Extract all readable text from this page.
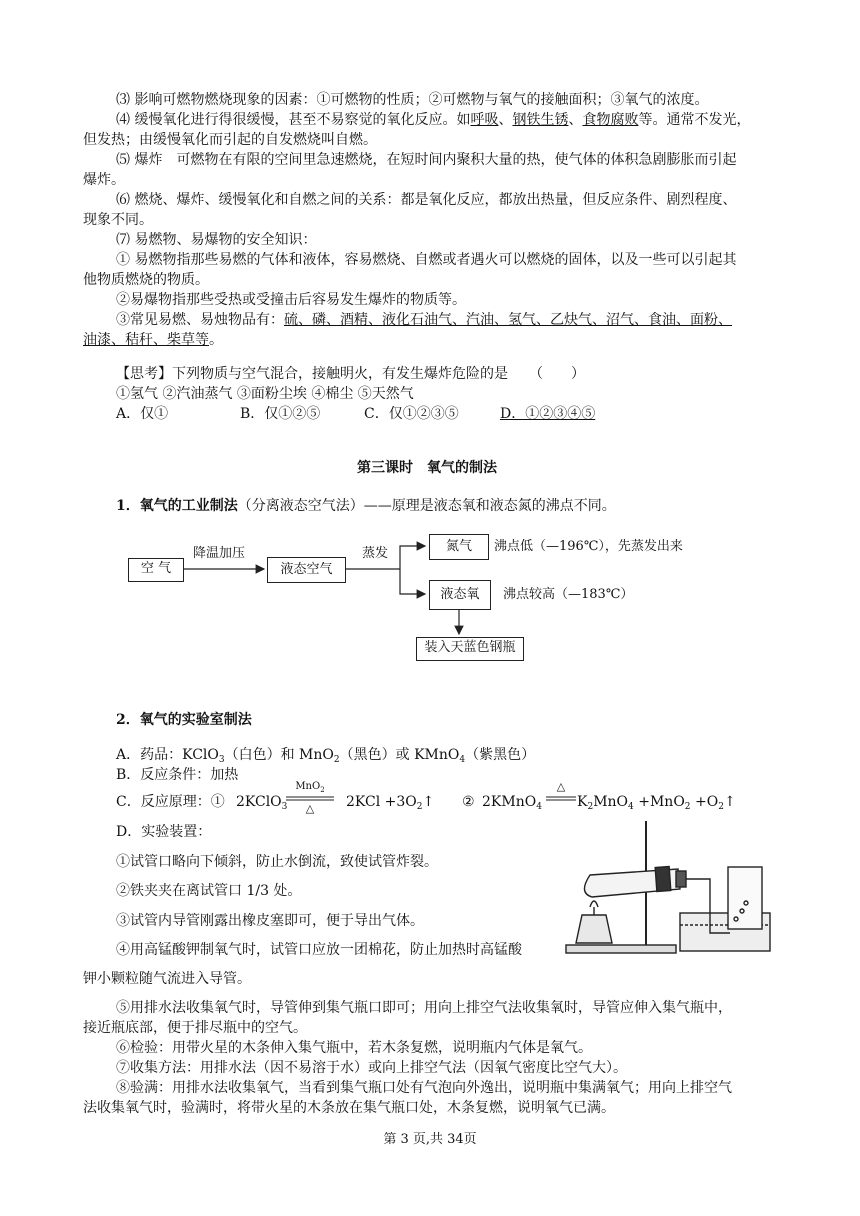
⑶ 影响可燃物燃烧现象的因素：①可燃物的性质；②可燃物与氧气的接触面积；③氧气的浓度。
⑷ 缓慢氧化进行得很缓慢，甚至不易察觉的氧化反应。如呼吸、钢铁生锈、食物腐败等。通常不发光，
但发热；由缓慢氧化而引起的自发燃烧叫自燃。
⑸ 爆炸　可燃物在有限的空间里急速燃烧，在短时间内聚积大量的热，使气体的体积急剧膨胀而引起
爆炸。
⑹ 燃烧、爆炸、缓慢氧化和自燃之间的关系：都是氧化反应，都放出热量，但反应条件、剧烈程度、
现象不同。
⑺ 易燃物、易爆物的安全知识：
① 易燃物指那些易燃的气体和液体，容易燃烧、自燃或者遇火可以燃烧的固体，以及一些可以引起其
他物质燃烧的物质。
②易爆物指那些受热或受撞击后容易发生爆炸的物质等。
③常见易燃、易烛物品有：硫、磷、酒精、液化石油气、汽油、氢气、乙炔气、沼气、食油、面粉、
油漆、秸秆、柴草等。
【思考】下列物质与空气混合，接触明火，有发生爆炸危险的是　　（　　）
①氢气 ②汽油蒸气 ③面粉尘埃 ④棉尘 ⑤天然气
A．仅①	B．仅①②⑤	C．仅①②③⑤	D．①②③④⑤
第三课时　氧气的制法
1．氧气的工业制法（分离液态空气法）——原理是液态氧和液态氮的沸点不同。
空 气
降温加压
液态空气
蒸发	氮气	沸点低（—196℃），先蒸发出来
液态氧	沸点较高（—183℃）
装入天蓝色钢瓶
2．氧气的实验室制法
A．药品：KClO$_3$（白色）和 MnO$_2$（黑色）或 KMnO$_4$（紫黑色）
B．反应条件：加热
C．反应原理：① 2KClO$_3$
MnO$_2$
△	$2KCl +3O_2↑$ ② 2KMnO$_4$
△
$K_2MnO_4 +MnO_2$ $+O_2↑$
D．实验装置：
①试管口略向下倾斜，防止水倒流，致使试管炸裂。
②铁夹夹在离试管口 1/3 处。
③试管内导管刚露出橡皮塞即可，便于导出气体。
④用高锰酸钾制氧气时，试管口应放一团棉花，防止加热时高锰酸
钾小颗粒随气流进入导管。
⑤用排水法收集氧气时，导管伸到集气瓶口即可；用向上排空气法收集氧时，导管应伸入集气瓶中，
接近瓶底部，便于排尽瓶中的空气。
⑥检验：用带火星的木条伸入集气瓶中，若木条复燃，说明瓶内气体是氧气。
⑦收集方法：用排水法（因不易溶于水）或向上排空气法（因氧气密度比空气大）。
⑧验满：用排水法收集氧气，当看到集气瓶口处有气泡向外逸出，说明瓶中集满氧气；用向上排空气
法收集氧气时，验满时，将带火星的木条放在集气瓶口处，木条复燃，说明氧气已满。
第 3 页,共 34页
